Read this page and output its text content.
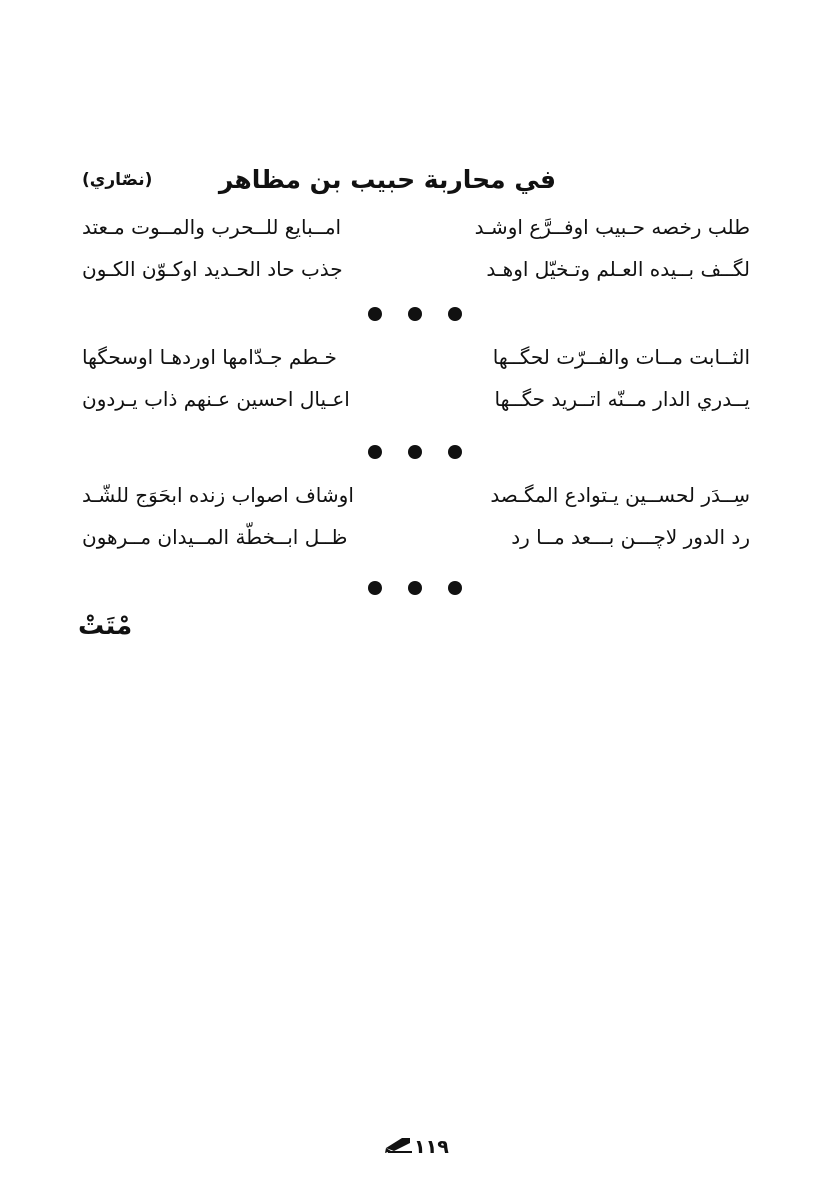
في محاربة حبيب بن مظاهر
(نصّاري)
طلب رخصه حـبيب اوفــرَّع اوشـد
امــبايع للــحرب والمــوت مـعتد
لگــف بــيده العـلم وتـخيّل اوهـد
جذب حاد الحـديد اوكـوّن الكـون
الثــابت مــات والفــرّت لحگــها
خـطم جـدّامها اوردهـا اوسحگها
يــدري الدار مــنّه اتــريد حگــها
اعـيال احسين عـنهم ذاب يـردون
سِــدَر لحســين يـتوادع المگـصد
اوشاف اصواب زنده ابحَوَج للشّـد
رد الدور لاچـــن بـــعد مــا رد
ظــل ابــخطّة المــيدان مــرهون
مْتَتْ
١١٩
